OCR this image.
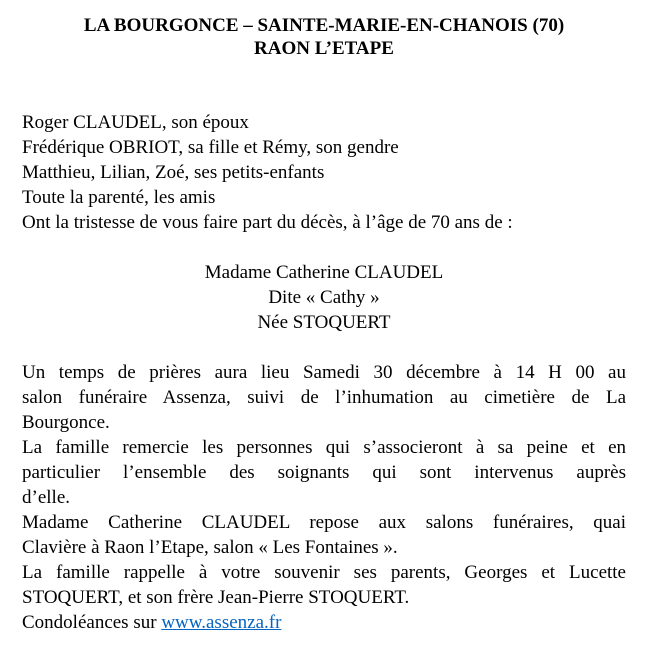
LA BOURGONCE – SAINTE-MARIE-EN-CHANOIS (70)
RAON L’ETAPE
Roger CLAUDEL, son époux
Frédérique OBRIOT, sa fille et Rémy, son gendre
Matthieu, Lilian, Zoé, ses petits-enfants
Toute la parenté, les amis
Ont la tristesse de vous faire part du décès, à l’âge de 70 ans de :
Madame Catherine CLAUDEL
Dite « Cathy »
Née STOQUERT
Un temps de prières aura lieu Samedi 30 décembre à 14 H 00 au
salon funéraire Assenza, suivi de l’inhumation au cimetière de La
Bourgonce.
La famille remercie les personnes qui s’associeront à sa peine et en
particulier l’ensemble des soignants qui sont intervenus auprès
d’elle.
Madame Catherine CLAUDEL repose aux salons funéraires, quai
Clavière à Raon l’Etape, salon « Les Fontaines ».
La famille rappelle à votre souvenir ses parents, Georges et Lucette
STOQUERT, et son frère Jean-Pierre STOQUERT.
Condoléances sur www.assenza.fr
